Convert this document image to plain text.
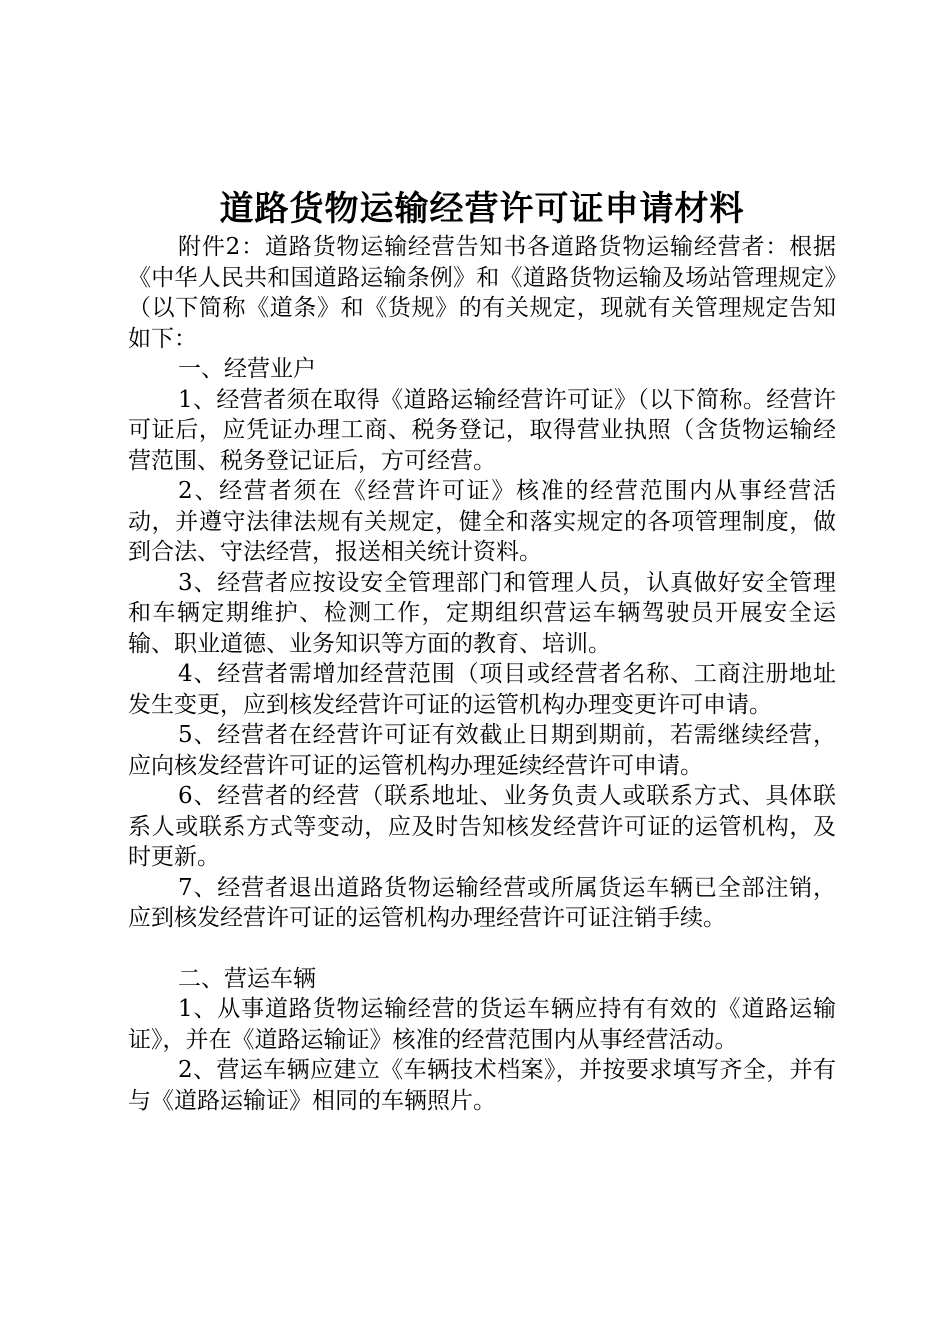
道路货物运输经营许可证申请材料

附件2：道路货物运输经营告知书各道路货物运输经营者：根据《中华人民共和国道路运输条例》和《道路货物运输及场站管理规定》（以下简称《道条》和《货规》的有关规定，现就有关管理规定告知如下：

一、经营业户

1、经营者须在取得《道路运输经营许可证》（以下简称。经营许可证后，应凭证办理工商、税务登记，取得营业执照（含货物运输经营范围、税务登记证后，方可经营。

2、经营者须在《经营许可证》核准的经营范围内从事经营活动，并遵守法律法规有关规定，健全和落实规定的各项管理制度，做到合法、守法经营，报送相关统计资料。

3、经营者应按设安全管理部门和管理人员，认真做好安全管理和车辆定期维护、检测工作，定期组织营运车辆驾驶员开展安全运输、职业道德、业务知识等方面的教育、培训。

4、经营者需增加经营范围（项目或经营者名称、工商注册地址发生变更，应到核发经营许可证的运管机构办理变更许可申请。

5、经营者在经营许可证有效截止日期到期前，若需继续经营，应向核发经营许可证的运管机构办理延续经营许可申请。

6、经营者的经营（联系地址、业务负责人或联系方式、具体联系人或联系方式等变动，应及时告知核发经营许可证的运管机构，及时更新。

7、经营者退出道路货物运输经营或所属货运车辆已全部注销，应到核发经营许可证的运管机构办理经营许可证注销手续。

二、营运车辆

1、从事道路货物运输经营的货运车辆应持有有效的《道路运输证》，并在《道路运输证》核准的经营范围内从事经营活动。

2、营运车辆应建立《车辆技术档案》，并按要求填写齐全，并有与《道路运输证》相同的车辆照片。
